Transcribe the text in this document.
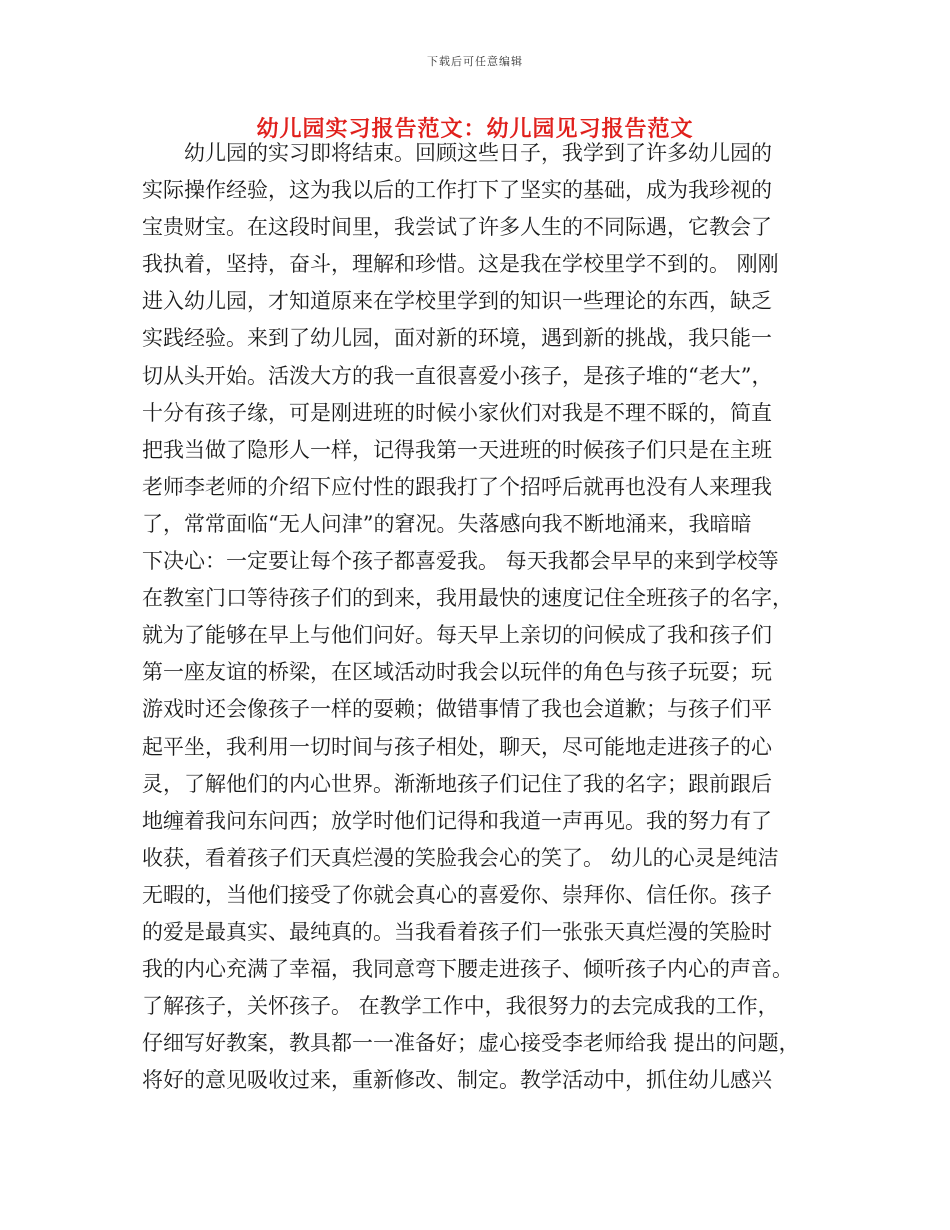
下载后可任意编辑
幼儿园实习报告范文：幼儿园见习报告范文
　　幼儿园的实习即将结束。回顾这些日子，我学到了许多幼儿园的
实际操作经验，这为我以后的工作打下了坚实的基础，成为我珍视的
宝贵财宝。在这段时间里，我尝试了许多人生的不同际遇，它教会了
我执着，坚持，奋斗，理解和珍惜。这是我在学校里学不到的。 刚刚
进入幼儿园，才知道原来在学校里学到的知识一些理论的东西，缺乏
实践经验。来到了幼儿园，面对新的环境，遇到新的挑战，我只能一
切从头开始。活泼大方的我一直很喜爱小孩子，是孩子堆的“老大”，
十分有孩子缘，可是刚进班的时候小家伙们对我是不理不睬的，简直
把我当做了隐形人一样，记得我第一天进班的时候孩子们只是在主班
老师李老师的介绍下应付性的跟我打了个招呼后就再也没有人来理我
了，常常面临“无人问津”的窘况。失落感向我不断地涌来，我暗暗
下决心：一定要让每个孩子都喜爱我。 每天我都会早早的来到学校等
在教室门口等待孩子们的到来，我用最快的速度记住全班孩子的名字，
就为了能够在早上与他们问好。每天早上亲切的问候成了我和孩子们
第一座友谊的桥梁，在区域活动时我会以玩伴的角色与孩子玩耍；玩
游戏时还会像孩子一样的耍赖；做错事情了我也会道歉；与孩子们平
起平坐，我利用一切时间与孩子相处，聊天，尽可能地走进孩子的心
灵，了解他们的内心世界。渐渐地孩子们记住了我的名字；跟前跟后
地缠着我问东问西；放学时他们记得和我道一声再见。我的努力有了
收获，看着孩子们天真烂漫的笑脸我会心的笑了。 幼儿的心灵是纯洁
无暇的，当他们接受了你就会真心的喜爱你、崇拜你、信任你。孩子
的爱是最真实、最纯真的。当我看着孩子们一张张天真烂漫的笑脸时
我的内心充满了幸福，我同意弯下腰走进孩子、倾听孩子内心的声音。
了解孩子，关怀孩子。 在教学工作中，我很努力的去完成我的工作，
仔细写好教案，教具都一一准备好；虚心接受李老师给我 提出的问题，
将好的意见吸收过来，重新修改、制定。教学活动中，抓住幼儿感兴
